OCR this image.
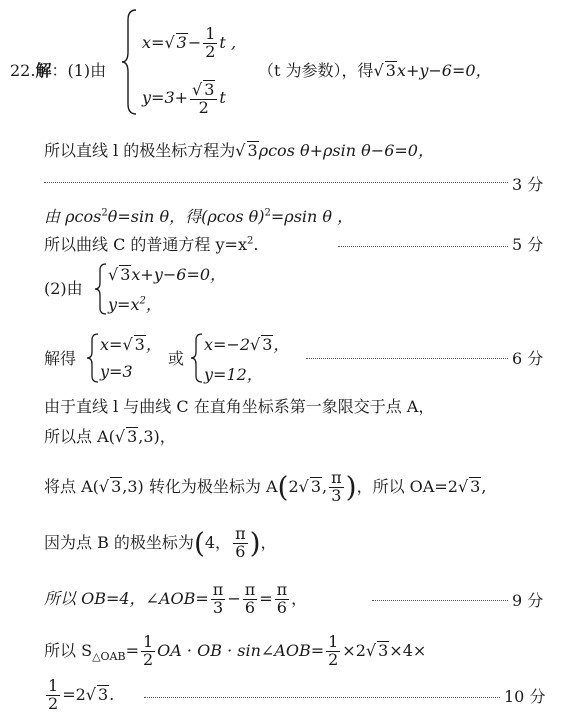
22.解：(1)由
x=√ $3- \frac{1}{2}$ t ,
$y=3+ \frac{√ 3}{2}$ t
（t 为参数），得√ 3x+y−6=0，
所以直线 l 的极坐标方程为√ 3ρcos θ+ρsin θ−6=0，
3 分
由 ρcos$^2$θ=sin θ，得(ρcos θ)$^2$=ρsin θ ，
所以曲线 C 的普通方程 $y=x^2$.	5 分
(2)由
√ 3x+y−6=0，
$y=x^2$，
解得
x=√ 3，
y=3
或
x=−2√ 3，
y=12，
6 分
由于直线 l 与曲线 C 在直角坐标系第一象限交于点 A，
所以点 A(√ 3,3)，
将点 A(√ 3,3) 转化为极坐标为 A(2√ 3, $\frac{\pi}{3}$ )，所以 OA=2√ 3,
因为点 B 的极坐标为(4， $\frac{\pi}{6}$ )，
所以 OB=4，∠AOB= $\frac{\pi}{3} - \frac{\pi}{6} = \frac{\pi}{6}$ ，	9 分
所以 $S_{\triangle OAB}= \frac{1}{2}$ OA · OB · sin∠AOB= $\frac{1}{2} \times 2√$ 3×4×
$\frac{1}{2} =2√$ 3.	10 分
